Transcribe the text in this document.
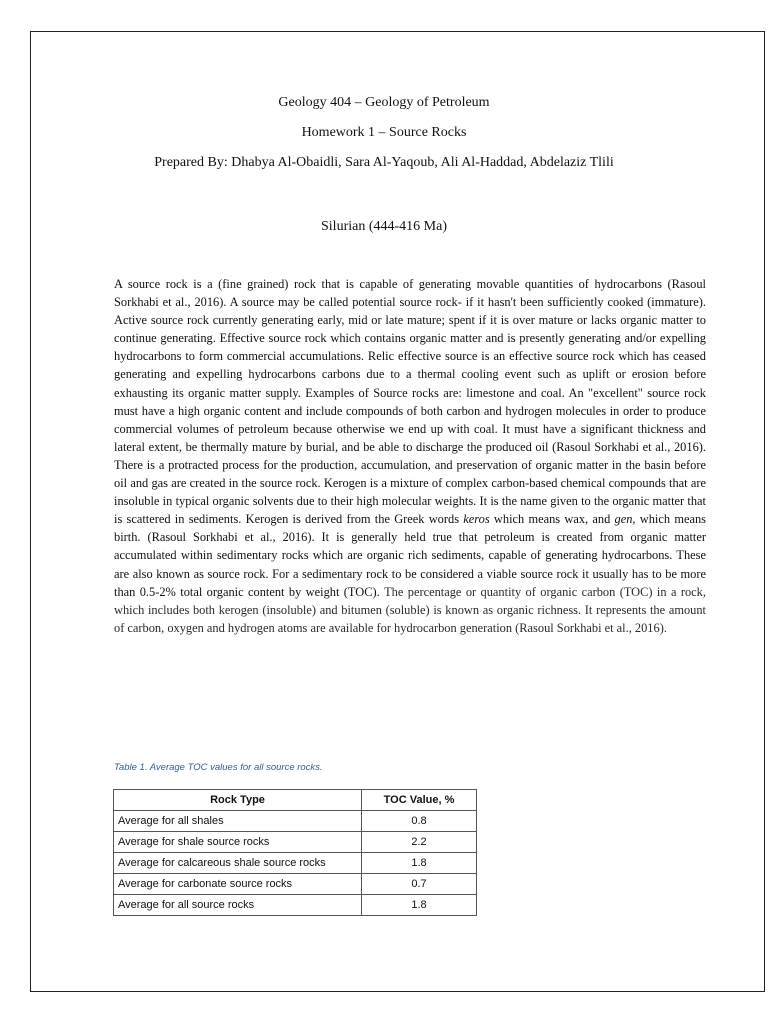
Geology 404 – Geology of Petroleum
Homework 1 – Source Rocks
Prepared By: Dhabya Al-Obaidli, Sara Al-Yaqoub, Ali Al-Haddad, Abdelaziz Tlili
Silurian (444-416 Ma)

A source rock is a (fine grained) rock that is capable of generating movable quantities of hydrocarbons (Rasoul Sorkhabi et al., 2016). A source may be called potential source rock- if it hasn't been sufficiently cooked (immature). Active source rock currently generating early, mid or late mature; spent if it is over mature or lacks organic matter to continue generating. Effective source rock which contains organic matter and is presently generating and/or expelling hydrocarbons to form commercial accumulations. Relic effective source is an effective source rock which has ceased generating and expelling hydrocarbons carbons due to a thermal cooling event such as uplift or erosion before exhausting its organic matter supply. Examples of Source rocks are: limestone and coal. An "excellent" source rock must have a high organic content and include compounds of both carbon and hydrogen molecules in order to produce commercial volumes of petroleum because otherwise we end up with coal. It must have a significant thickness and lateral extent, be thermally mature by burial, and be able to discharge the produced oil (Rasoul Sorkhabi et al., 2016). There is a protracted process for the production, accumulation, and preservation of organic matter in the basin before oil and gas are created in the source rock. Kerogen is a mixture of complex carbon-based chemical compounds that are insoluble in typical organic solvents due to their high molecular weights. It is the name given to the organic matter that is scattered in sediments. Kerogen is derived from the Greek words keros which means wax, and gen, which means birth. (Rasoul Sorkhabi et al., 2016). It is generally held true that petroleum is created from organic matter accumulated within sedimentary rocks which are organic rich sediments, capable of generating hydrocarbons. These are also known as source rock. For a sedimentary rock to be considered a viable source rock it usually has to be more than 0.5-2% total organic content by weight (TOC). The percentage or quantity of organic carbon (TOC) in a rock, which includes both kerogen (insoluble) and bitumen (soluble) is known as organic richness. It represents the amount of carbon, oxygen and hydrogen atoms are available for hydrocarbon generation (Rasoul Sorkhabi et al., 2016).

Table 1. Average TOC values for all source rocks.
Rock Type	TOC Value, %
Average for all shales	0.8
Average for shale source rocks	2.2
Average for calcareous shale source rocks	1.8
Average for carbonate source rocks	0.7
Average for all source rocks	1.8
